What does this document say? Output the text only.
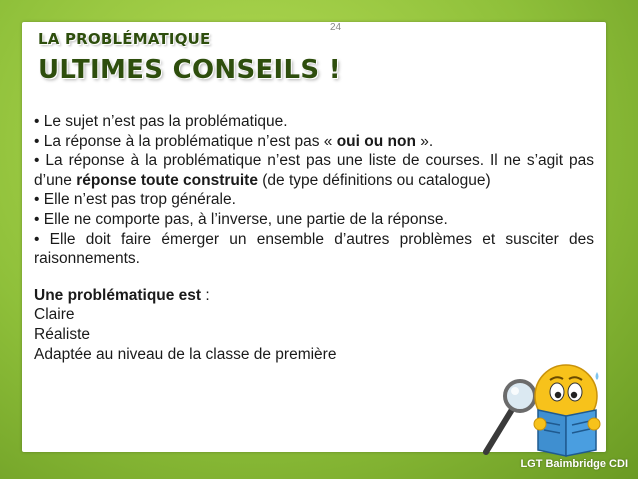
24
LA PROBLÉMATIQUE
ULTIMES CONSEILS !

• Le sujet n’est pas la problématique.

• La réponse à la problématique n’est pas « oui ou non ».

• La réponse à la problématique n’est pas une liste de courses. Il ne s’agit pas d’une réponse toute construite (de type définitions ou catalogue)

• Elle n’est pas trop générale.

• Elle ne comporte pas, à l’inverse, une partie de la réponse.

• Elle doit faire émerger un ensemble d’autres problèmes et susciter des raisonnements.

Une problématique est :

Claire

Réaliste

Adaptée au niveau de la classe de première

LGT Baimbridge CDI
